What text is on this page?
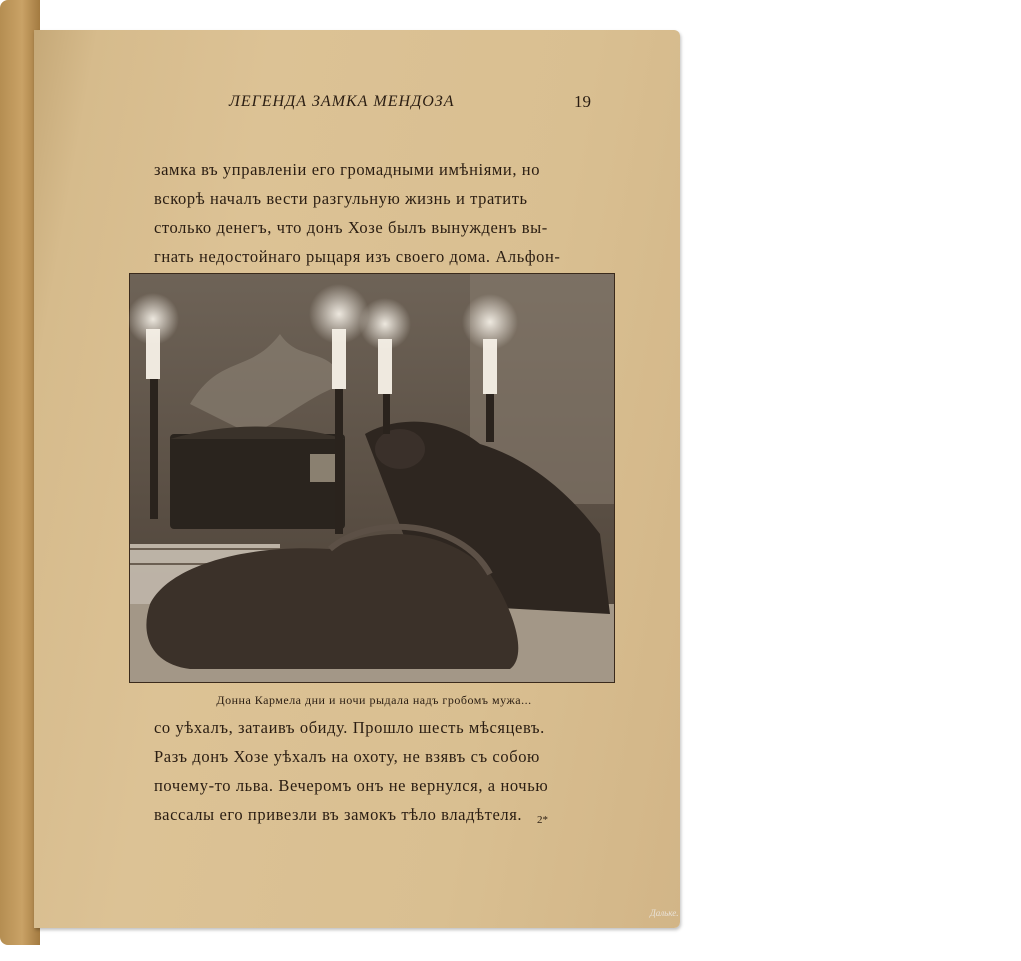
ЛЕГЕНДА ЗАМКА МЕНДОЗА	19
замка въ управленіи его громадными имѣніями, но
вскорѣ началъ вести разгульную жизнь и тратить
столько денегъ, что донъ Хозе былъ вынужденъ вы-
гнать недостойнаго рыцаря изъ своего дома. Альфон-
Дальке.
Донна Кармела дни и ночи рыдала надъ гробомъ мужа...
со уѣхалъ, затаивъ обиду. Прошло шесть мѣсяцевъ.
Разъ донъ Хозе уѣхалъ на охоту, не взявъ съ собою
почему-то льва. Вечеромъ онъ не вернулся, а ночью
вассалы его привезли въ замокъ тѣло владѣтеля.	2*
